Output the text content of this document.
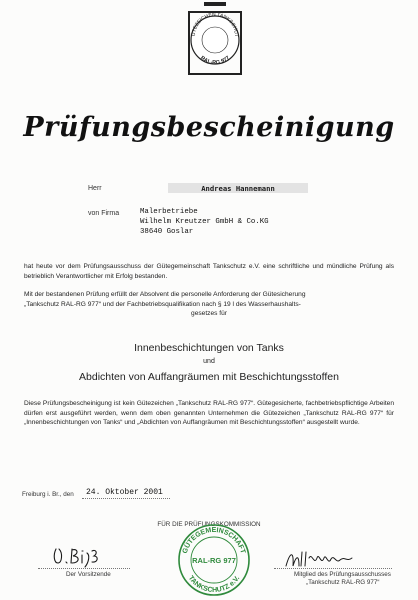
ÜTEZEICHEN TANKSCHUT
RAL-RG 977
Prüfungsbescheinigung
Herr	Andreas Hannemann
von Firma	Malerbetriebe
Wilhelm Kreutzer GmbH & Co.KG
38640 Goslar
hat heute vor dem Prüfungsausschuss der Gütegemeinschaft Tankschutz e.V. eine schriftliche und mündliche Prüfung als betrieblich Verantwortlicher mit Erfolg bestanden.
Mit der bestandenen Prüfung erfüllt der Absolvent die personelle Anforderung der Gütesicherung
„Tankschutz RAL-RG 977“ und der Fachbetriebsqualifikation nach § 19 l des Wasserhaushalts-
gesetzes für
Innenbeschichtungen von Tanks
und
Abdichten von Auffangräumen mit Beschichtungsstoffen
Diese Prüfungsbescheinigung ist kein Gütezeichen „Tankschutz RAL-RG 977“. Gütegesicherte, fachbetriebspflichtige Arbeiten dürfen erst ausgeführt werden, wenn dem oben genannten Unternehmen die Gütezeichen „Tankschutz RAL-RG 977“ für „Innenbeschichtungen von Tanks“ und „Abdichten von Auffangräumen mit Beschichtungsstoffen“ ausgestellt wurde.
Freiburg i. Br., den 24. Oktober 2001
FÜR DIE PRÜFUNGSKOMMISSION
Der Vorsitzende
GÜTEGEMEINSCHAFT
RAL-RG 977
TANKSCHUTZ e.V.	Mitglied des Prüfungsausschusses
„Tankschutz RAL-RG 977“
